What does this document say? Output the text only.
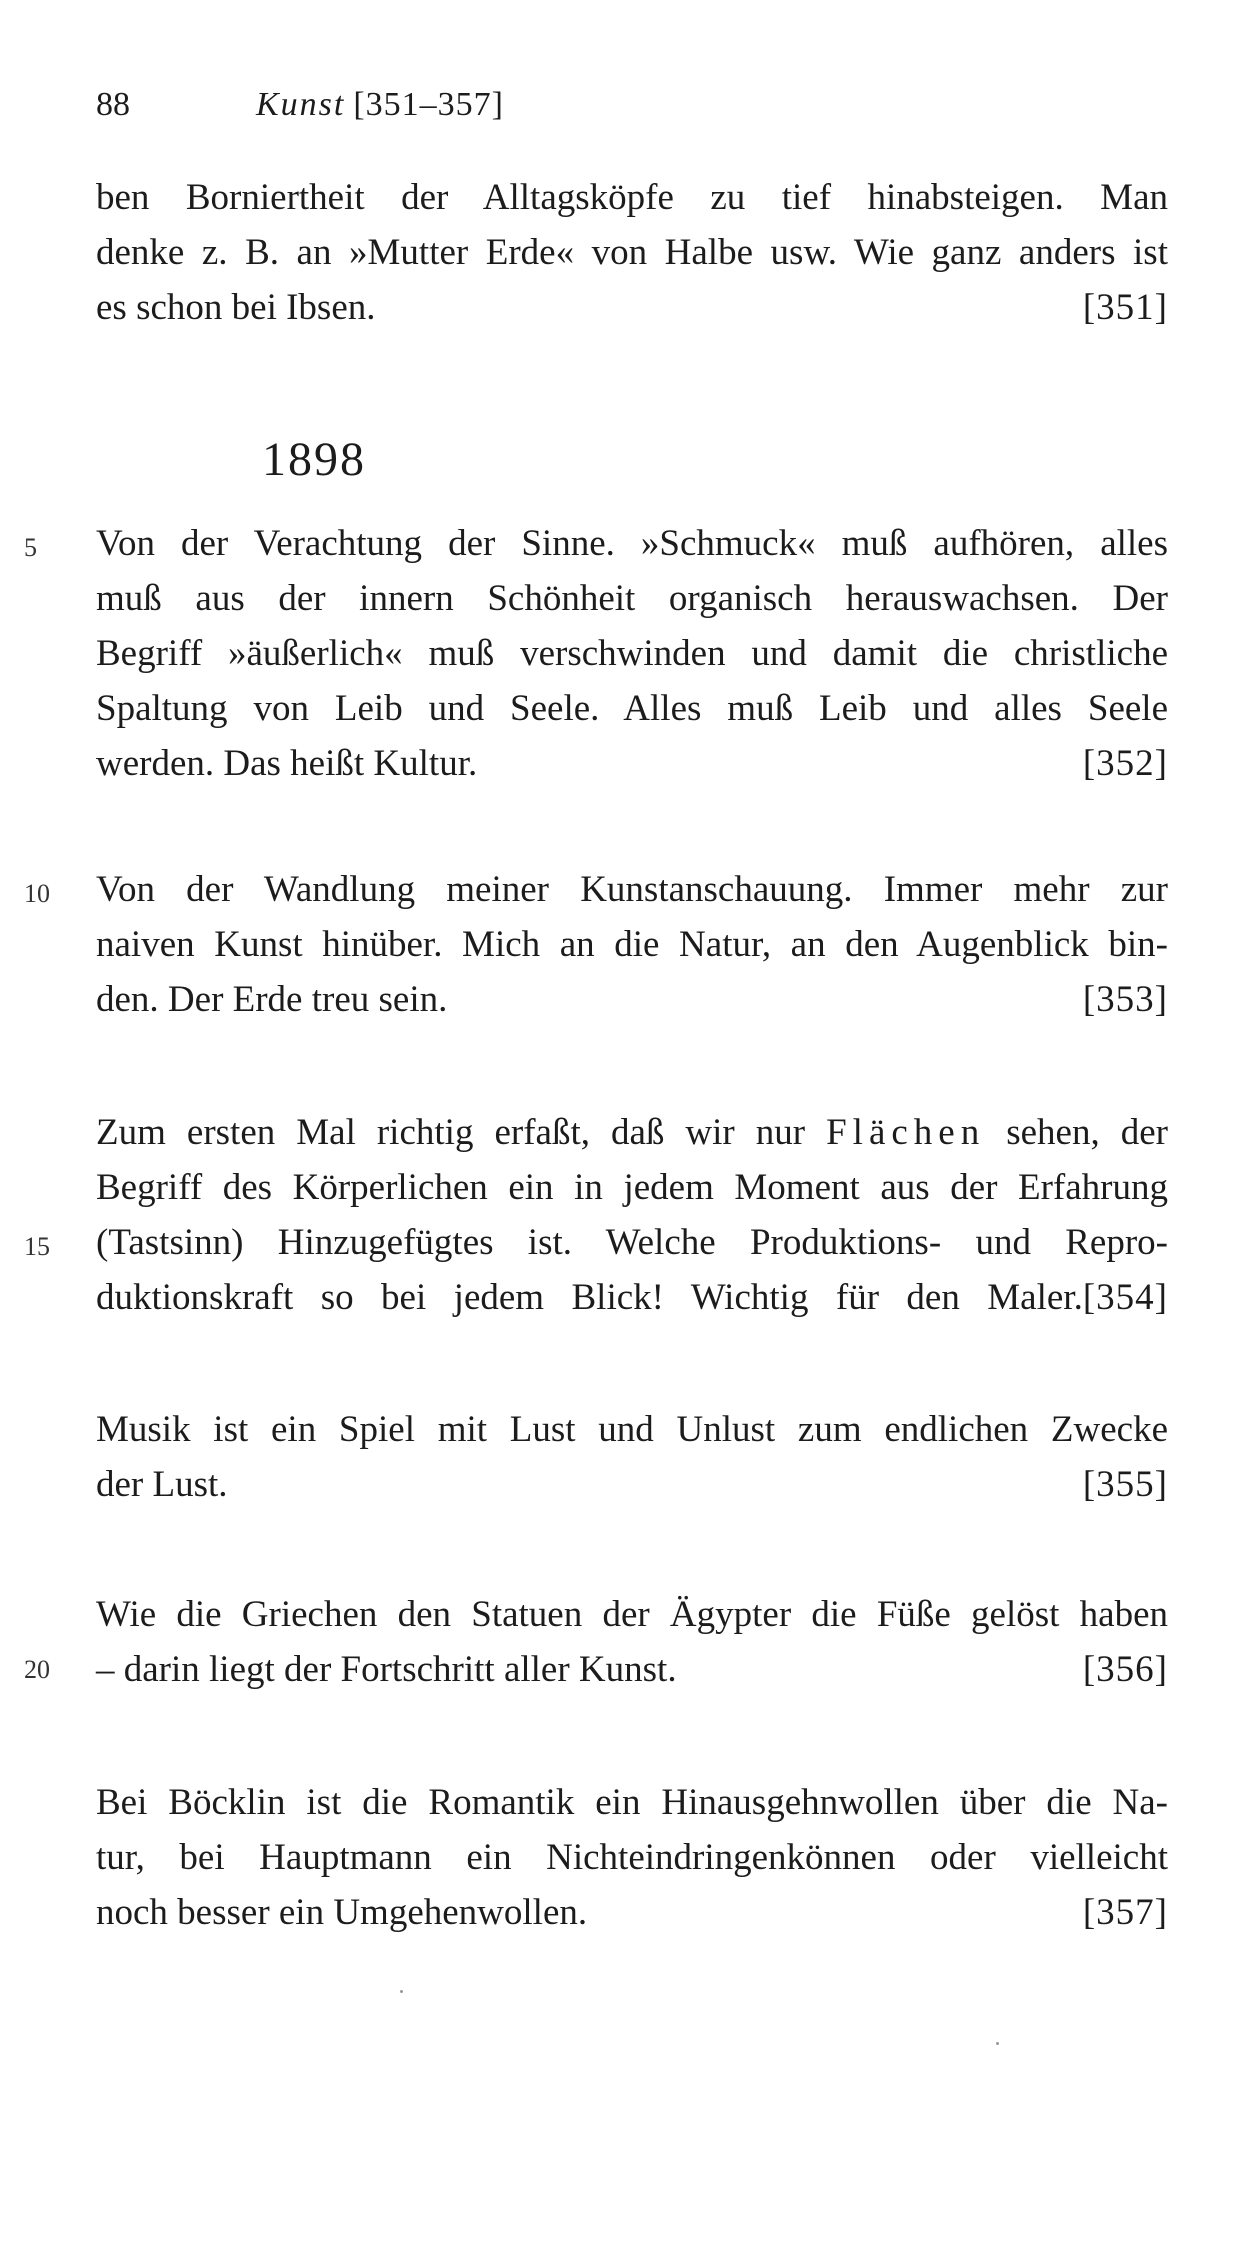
88	Kunst [351–357]
ben Borniertheit der Alltagsköpfe zu tief hinabsteigen. Man
denke z. B. an »Mutter Erde« von Halbe usw. Wie ganz anders ist
es schon bei Ibsen.	[351]
1898
Von der Verachtung der Sinne. »Schmuck« muß aufhören, alles
muß aus der innern Schönheit organisch herauswachsen. Der
Begriff »äußerlich« muß verschwinden und damit die christliche
Spaltung von Leib und Seele. Alles muß Leib und alles Seele
werden. Das heißt Kultur.	[352]
Von der Wandlung meiner Kunstanschauung. Immer mehr zur
naiven Kunst hinüber. Mich an die Natur, an den Augenblick bin-
den. Der Erde treu sein.	[353]
Zum ersten Mal richtig erfaßt, daß wir nur Flächen sehen, der
Begriff des Körperlichen ein in jedem Moment aus der Erfahrung
(Tastsinn) Hinzugefügtes ist. Welche Produktions- und Repro-
duktionskraft so bei jedem Blick! Wichtig für den Maler. [354]
Musik ist ein Spiel mit Lust und Unlust zum endlichen Zwecke
der Lust.	[355]
Wie die Griechen den Statuen der Ägypter die Füße gelöst haben
– darin liegt der Fortschritt aller Kunst.	[356]
Bei Böcklin ist die Romantik ein Hinausgehnwollen über die Na-
tur, bei Hauptmann ein Nichteindringenkönnen oder vielleicht
noch besser ein Umgehenwollen.	[357]
5
10
15
20
